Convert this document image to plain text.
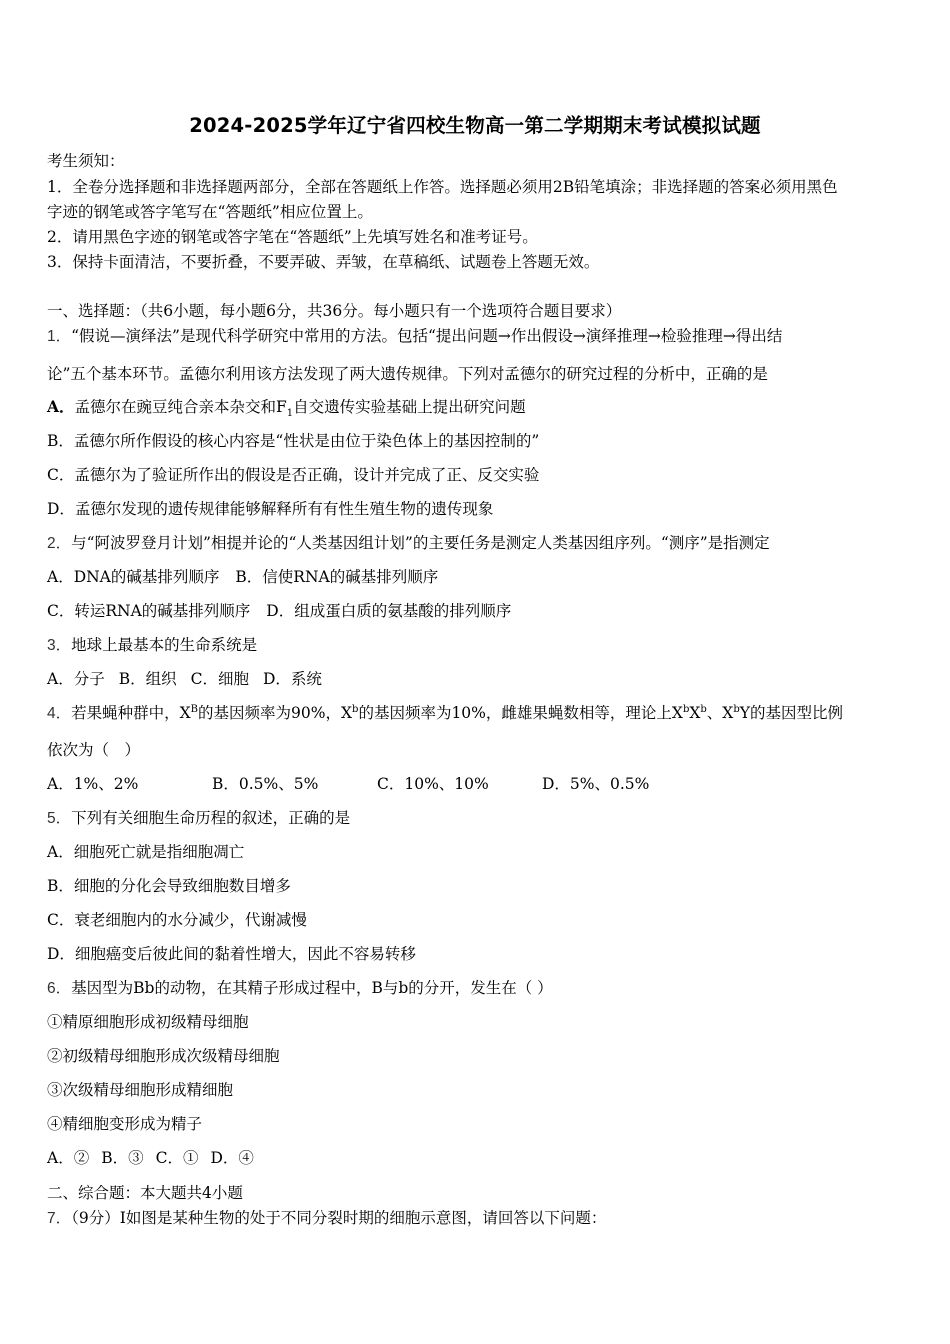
2024-2025学年辽宁省四校生物高一第二学期期末考试模拟试题
考生须知：
1．全卷分选择题和非选择题两部分，全部在答题纸上作答。选择题必须用2B铅笔填涂；非选择题的答案必须用黑色
字迹的钢笔或答字笔写在“答题纸”相应位置上。
2．请用黑色字迹的钢笔或答字笔在“答题纸”上先填写姓名和准考证号。
3．保持卡面清洁，不要折叠，不要弄破、弄皱，在草稿纸、试题卷上答题无效。
一、选择题：（共6小题，每小题6分，共36分。每小题只有一个选项符合题目要求）
1．“假说—演绎法”是现代科学研究中常用的方法。包括“提出问题→作出假设→演绎推理→检验推理→得出结
论”五个基本环节。孟德尔利用该方法发现了两大遗传规律。下列对孟德尔的研究过程的分析中，正确的是
A．孟德尔在豌豆纯合亲本杂交和$F_1$自交遗传实验基础上提出研究问题
B．孟德尔所作假设的核心内容是“性状是由位于染色体上的基因控制的”
C．孟德尔为了验证所作出的假设是否正确，设计并完成了正、反交实验
D．孟德尔发现的遗传规律能够解释所有有性生殖生物的遗传现象
2．与“阿波罗登月计划”相提并论的“人类基因组计划”的主要任务是测定人类基因组序列。“测序”是指测定
A．DNA的碱基排列顺序 B．信使RNA的碱基排列顺序
C．转运RNA的碱基排列顺序 D．组成蛋白质的氨基酸的排列顺序
3．地球上最基本的生命系统是
A．分子 B．组织 C．细胞 D．系统
4．若果蝇种群中，$X^B$的基因频率为90%，$X^b$的基因频率为10%，雌雄果蝇数相等，理论上$X^bX^b$、$X^bY$的基因型比例
依次为（　）
A．1%、2%	B．0.5%、5%	C．10%、10%	D．5%、0.5%
5．下列有关细胞生命历程的叙述，正确的是
A．细胞死亡就是指细胞凋亡
B．细胞的分化会导致细胞数目增多
C．衰老细胞内的水分减少，代谢减慢
D．细胞癌变后彼此间的黏着性增大，因此不容易转移
6．基因型为Bb的动物，在其精子形成过程中，B与b的分开，发生在（ ）
①精原细胞形成初级精母细胞
②初级精母细胞形成次级精母细胞
③次级精母细胞形成精细胞
④精细胞变形成为精子
A．② B．③ C．① D．④
二、综合题：本大题共4小题
7．（9分）I如图是某种生物的处于不同分裂时期的细胞示意图，请回答以下问题：
